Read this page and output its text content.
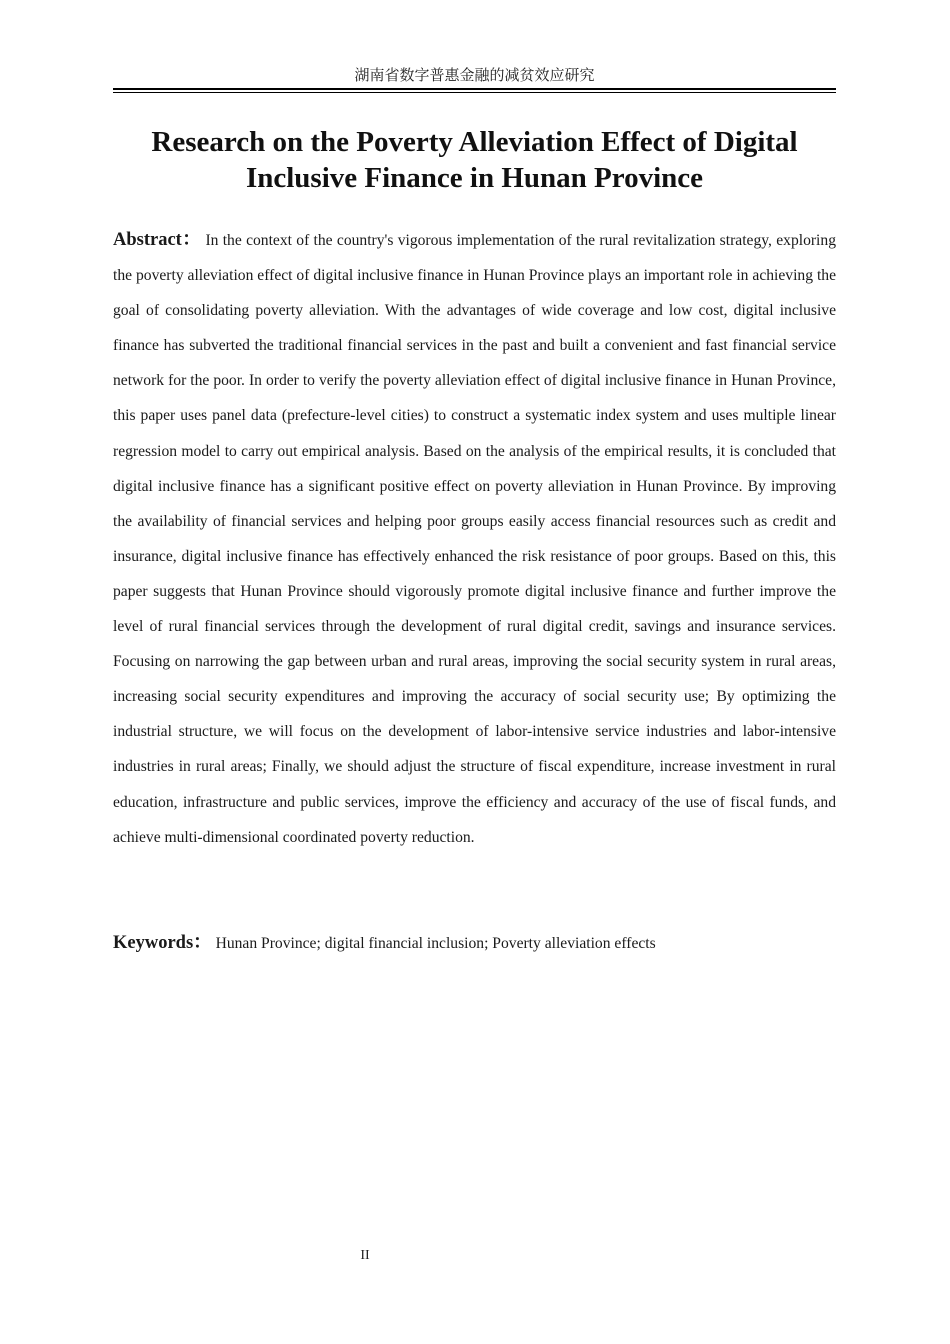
湖南省数字普惠金融的减贫效应研究
Research on the Poverty Alleviation Effect of Digital
Inclusive Finance in Hunan Province

Abstract： In the context of the country's vigorous implementation of the rural revitalization strategy, exploring the poverty alleviation effect of digital inclusive finance in Hunan Province plays an important role in achieving the goal of consolidating poverty alleviation. With the advantages of wide coverage and low cost, digital inclusive finance has subverted the traditional financial services in the past and built a convenient and fast financial service network for the poor. In order to verify the poverty alleviation effect of digital inclusive finance in Hunan Province, this paper uses panel data (prefecture-level cities) to construct a systematic index system and uses multiple linear regression model to carry out empirical analysis. Based on the analysis of the empirical results, it is concluded that digital inclusive finance has a significant positive effect on poverty alleviation in Hunan Province. By improving the availability of financial services and helping poor groups easily access financial resources such as credit and insurance, digital inclusive finance has effectively enhanced the risk resistance of poor groups. Based on this, this paper suggests that Hunan Province should vigorously promote digital inclusive finance and further improve the level of rural financial services through the development of rural digital credit, savings and insurance services. Focusing on narrowing the gap between urban and rural areas, improving the social security system in rural areas, increasing social security expenditures and improving the accuracy of social security use; By optimizing the industrial structure, we will focus on the development of labor-intensive service industries and labor-intensive industries in rural areas; Finally, we should adjust the structure of fiscal expenditure, increase investment in rural education, infrastructure and public services, improve the efficiency and accuracy of the use of fiscal funds, and achieve multi-dimensional coordinated poverty reduction.

Keywords： Hunan Province; digital financial inclusion; Poverty alleviation effects

II
